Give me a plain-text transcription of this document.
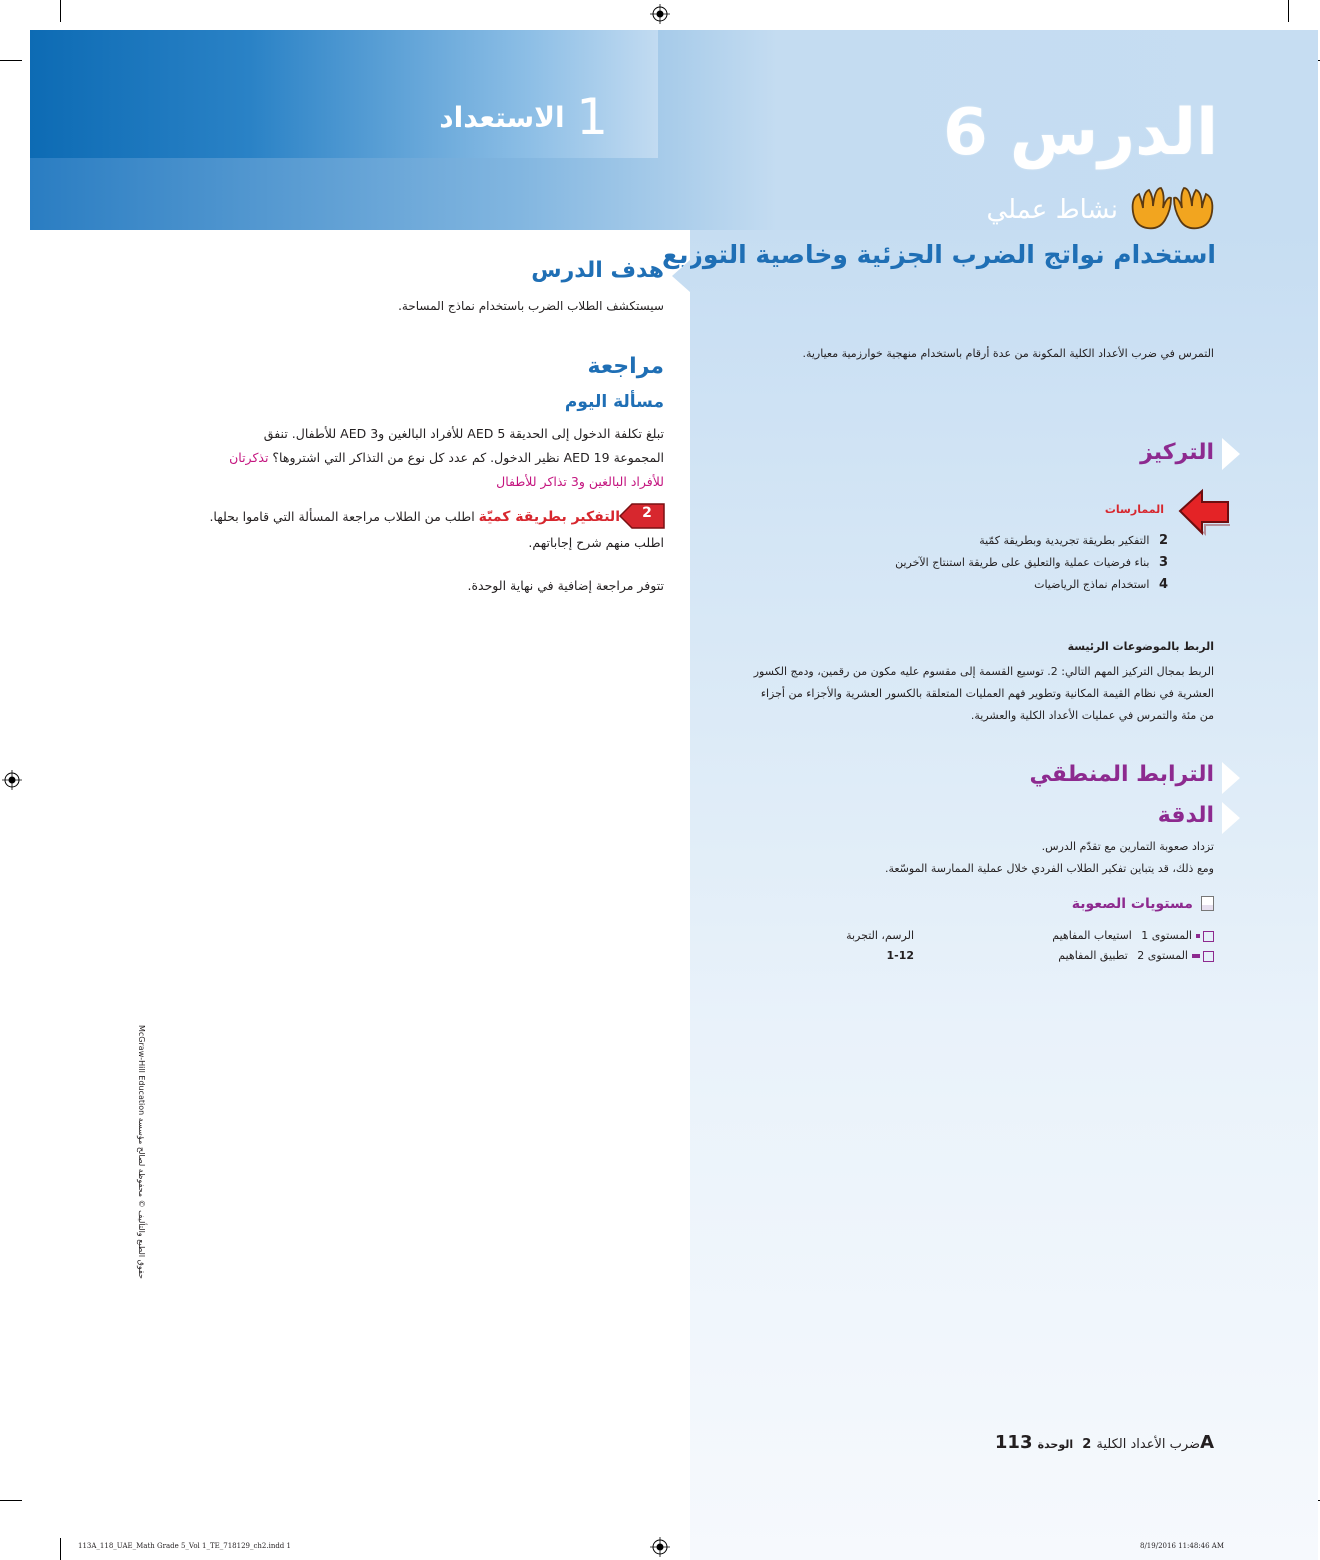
1 الاستعداد	الدرس 6
نشاط عملي
استخدام نواتج الضرب الجزئية وخاصية التوزيع
التمرس في ضرب الأعداد الكلية المكونة من عدة أرقام باستخدام منهجية خوارزمية معيارية.
هدف الدرس
سيستكشف الطلاب الضرب باستخدام نماذج المساحة.
مراجعة
مسألة اليوم
تبلغ تكلفة الدخول إلى الحديقة AED 5 للأفراد البالغين وAED 3 للأطفال. تنفق
المجموعة AED 19 نظير الدخول. كم عدد كل نوع من التذاكر التي اشتروها؟ تذكرتان
للأفراد البالغين و3 تذاكر للأطفال
2
التفكير بطريقة كميّة اطلب من الطلاب مراجعة المسألة التي قاموا بحلها.
اطلب منهم شرح إجاباتهم.
تتوفر مراجعة إضافية في نهاية الوحدة.
التركيز
الممارسات
2 التفكير بطريقة تجريدية وبطريقة كمّية
3 بناء فرضيات عملية والتعليق على طريقة استنتاج الآخرين
4 استخدام نماذج الرياضيات
الربط بالموضوعات الرئيسة
الربط بمجال التركيز المهم التالي: 2. توسيع القسمة إلى مقسوم عليه مكون من رقمين، ودمج الكسور
العشرية في نظام القيمة المكانية وتطوير فهم العمليات المتعلقة بالكسور العشرية والأجزاء من أجزاء
من مئة والتمرس في عمليات الأعداد الكلية والعشرية.
الترابط المنطقي
الدقة
تزداد صعوبة التمارين مع تقدّم الدرس.
ومع ذلك، قد يتباين تفكير الطلاب الفردي خلال عملية الممارسة الموسّعة.
مستويات الصعوبة
المستوى 1 استيعاب المفاهيم
الرسم، التجربة
المستوى 2 تطبيق المفاهيم
1-12
حقوق الطبع والتأليف © محفوظة لصالح مؤسسة McGraw-Hill Education
ضرب الأعداد الكلية 2 الوحدة 113A
113A_118_UAE_Math Grade 5_Vol 1_TE_718129_ch2.indd 1	8/19/2016 11:48:46 AM
